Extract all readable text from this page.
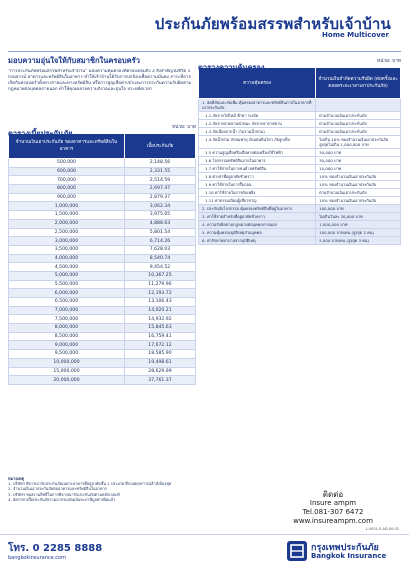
ประกันภัยพร้อมสรรพสำหรับเจ้าบ้าน
Home Multicover

มอบความอุ่นใจให้กับสมาชิกในครอบครัว

"การประกันภัยพร้อมสรรพสำหรับเจ้าบ้าน" มอบความคุ้มครองที่ครอบคลุมถึง 3 สิ่งสำคัญในชีวิต 1 กรมธรรม์ อาคารและทรัพย์สินในอาคาร ทำให้เจ้าบ้านได้รับการปกป้องเพื่อความมั่นคง ภาระที่อาจเกิดกับครอบครัวทั้งทางกายและทางทรัพย์สิน หรือการสูญเสียค่าเช่าและการประกันความรับผิดตามกฎหมายต่อบุคคลภายนอก ทำให้คุณคลายความกังวลและอุ่นใจ ประหยัดเวลา
ตารางเบี้ยประกันภัย
หน่วย: บาท
จำนวนเงินเอาประกันภัย ของอาคารและทรัพย์สินในอาคาร	เบี้ยประกันภัย
500,000	2,148.56
600,000	2,331.55
700,000	2,514.59
800,000	2,697.47
900,000	2,879.37
1,000,000	3,062.34
1,500,000	3,975.05
2,000,000	4,888.63
2,500,000	5,801.54
3,000,000	6,714.26
3,500,000	7,628.03
4,000,000	8,540.74
4,500,000	9,454.52
5,000,000	10,367.25
5,500,000	11,279.96
6,000,000	12,193.72
6,500,000	13,106.43
7,000,000	14,020.21
7,500,000	14,932.92
8,000,000	15,845.63
8,500,000	16,759.41
9,000,000	17,672.12
9,500,000	18,585.90
10,000,000	19,498.61
15,000,000	28,629.99
20,000,000	37,761.37
ตารางความคุ้มครอง
หน่วย: บาท
ความคุ้มครอง	จำนวนเงินจำกัดความรับผิด (ต่อครั้งและตลอดระยะเวลาเอาประกันภัย)
1. อัคคีภัยและภัยเพิ่ม คุ้มครองอาคารและทรัพย์สินภายในอาคารที่เอาประกันภัย	
1.1 ภัยจากไฟไหม้ ฟ้าผ่า ระเบิด	ตามจำนวนเงินเอาประกันภัย
1.2 ภัยจากยวดยานพาหนะ ภัยจากอากาศยาน	ตามจำนวนเงินเอาประกันภัย
1.3 ภัยเนื่องจากน้ำ (ไม่รวมน้ำท่วม)	ตามจำนวนเงินเอาประกันภัย
1.4 ภัยน้ำท่วม ภัยลมพายุ ภัยแผ่นดินไหว ภัยลูกเห็บ	ไม่เกิน 10% ของจำนวนเงินเอาประกันภัย สูงสุดไม่เกิน 1,000,000 บาท
1.5 ความสูญเสียหรือเสียหายต่อเครื่องใช้ไฟฟ้า	30,000 บาท
1.6 โจรกรรมทรัพย์สินภายในอาคาร	30,000 บาท
1.7 ค่าใช้จ่ายในการขนย้ายทรัพย์สิน	10,000 บาท
1.8 ค่าเช่าที่อยู่อาศัยชั่วคราว	10% ของจำนวนเงินเอาประกันภัย
1.9 ค่าใช้จ่ายในการรื้อถอน	10% ของจำนวนเงินเอาประกันภัย
1.10 ค่าใช้จ่ายในการดับเพลิง	ตามจำนวนเงินเอาประกันภัย
1.11 ค่าธรรมเนียมผู้เชี่ยวชาญ	10% ของจำนวนเงินเอาประกันภัย
2. ประกันภัยโจรกรรม คุ้มครองทรัพย์สินที่อยู่ในอาคาร	100,000 บาท
3. ค่าใช้จ่ายสำหรับที่อยู่อาศัยชั่วคราว	ไม่เกินวันละ 20,000 บาท
4. ความรับผิดตามกฎหมายต่อบุคคลภายนอก	1,000,000 บาท
5. ความคุ้มครองอุบัติเหตุส่วนบุคคล	100,000 บาท/คน (สูงสุด 2 คน)
6. ค่ารักษาพยาบาลจากอุบัติเหตุ	5,000 บาท/คน (สูงสุด 3 คน)
หมายเหตุ
1. บริษัทฯ พิจารณารับประกันภัยเฉพาะอาคารที่อยู่อาศัยชั้น 1 ประเภท ตึก/แฝด/ทาวน์เฮ้าส์/ห้องชุด
2. จำนวนเงินเอาประกันภัยต่ออาคารและทรัพย์สินในอาคาร
3. บริษัทฯ ขอสงวนสิทธิ์ในการพิจารณารับประกันภัยตามหลักเกณฑ์
4. อัตราค่าเบี้ยประกันภัยรวมอากรแสตมป์และภาษีมูลค่าเพิ่มแล้ว
ติดต่อ
Insure ampm
Tel.081-307 6472
www.insureampm.com
L-0001-E-AD-00-02
โทร. 0 2285 8888
bangkokinsurance.com
กรุงเทพประกันภัย
Bangkok Insurance
